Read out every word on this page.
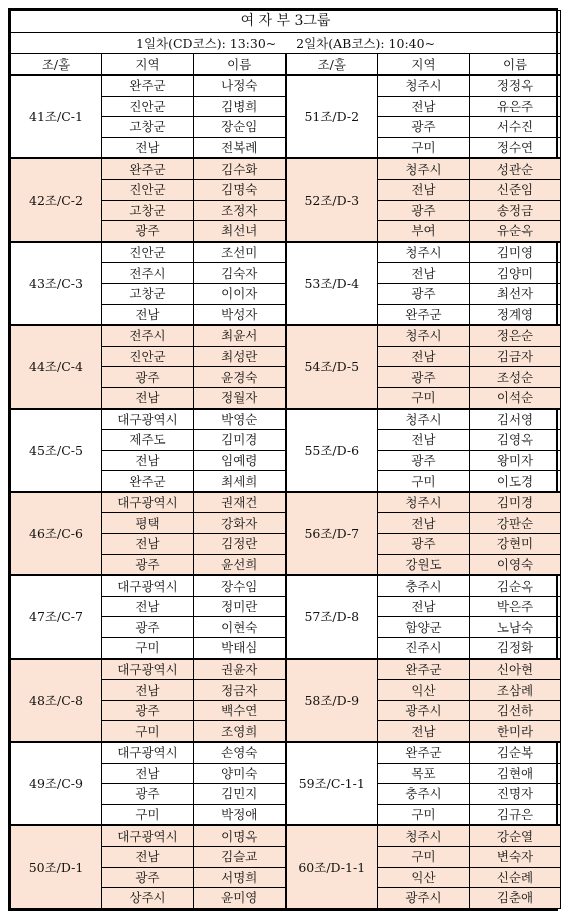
여 자 부 3그룹					
1일차(CD코스): 13:30~     2일차(AB코스): 10:40~					
조/홀	지역	이름	조/홀	지역	이름
41조/C-1	완주군	나정숙	51조/D-2	청주시	정정옥
	진안군	김병희		전남	유은주
	고창군	장순임		광주	서수진
	전남	전복례		구미	정수연
42조/C-2	완주군	김수화	52조/D-3	청주시	성관순
	진안군	김명숙		전남	신준임
	고창군	조정자		광주	송정금
	광주	최선녀		부여	유순옥
43조/C-3	진안군	조선미	53조/D-4	청주시	김미영
	전주시	김숙자		전남	김양미
	고창군	이이자		광주	최선자
	전남	박성자		완주군	정계영
44조/C-4	전주시	최윤서	54조/D-5	청주시	정은순
	진안군	최성란		전남	김금자
	광주	윤경숙		광주	조성순
	전남	정월자		구미	이석순
45조/C-5	대구광역시	박영순	55조/D-6	청주시	김서영
	제주도	김미경		전남	김영옥
	전남	임예령		광주	왕미자
	완주군	최세희		구미	이도경
46조/C-6	대구광역시	권재건	56조/D-7	청주시	김미경
	평택	강화자		전남	강판순
	전남	김정란		광주	강현미
	광주	윤선희		강원도	이영숙
47조/C-7	대구광역시	장수임	57조/D-8	충주시	김순옥
	전남	정미란		전남	박은주
	광주	이현숙		함양군	노남숙
	구미	박태심		진주시	김정화
48조/C-8	대구광역시	권윤자	58조/D-9	완주군	신아현
	전남	정금자		익산	조삼례
	광주	백수연		광주시	김선하
	구미	조영희		전남	한미라
49조/C-9	대구광역시	손영숙	59조/C-1-1	완주군	김순복
	전남	양미숙		목포	김현애
	광주	김민지		충주시	진명자
	구미	박정애		구미	김규은
50조/D-1	대구광역시	이명옥	60조/D-1-1	청주시	강순열
	전남	김슬교		구미	변숙자
	광주	서명희		익산	신순례
	상주시	윤미영		광주시	김춘애
